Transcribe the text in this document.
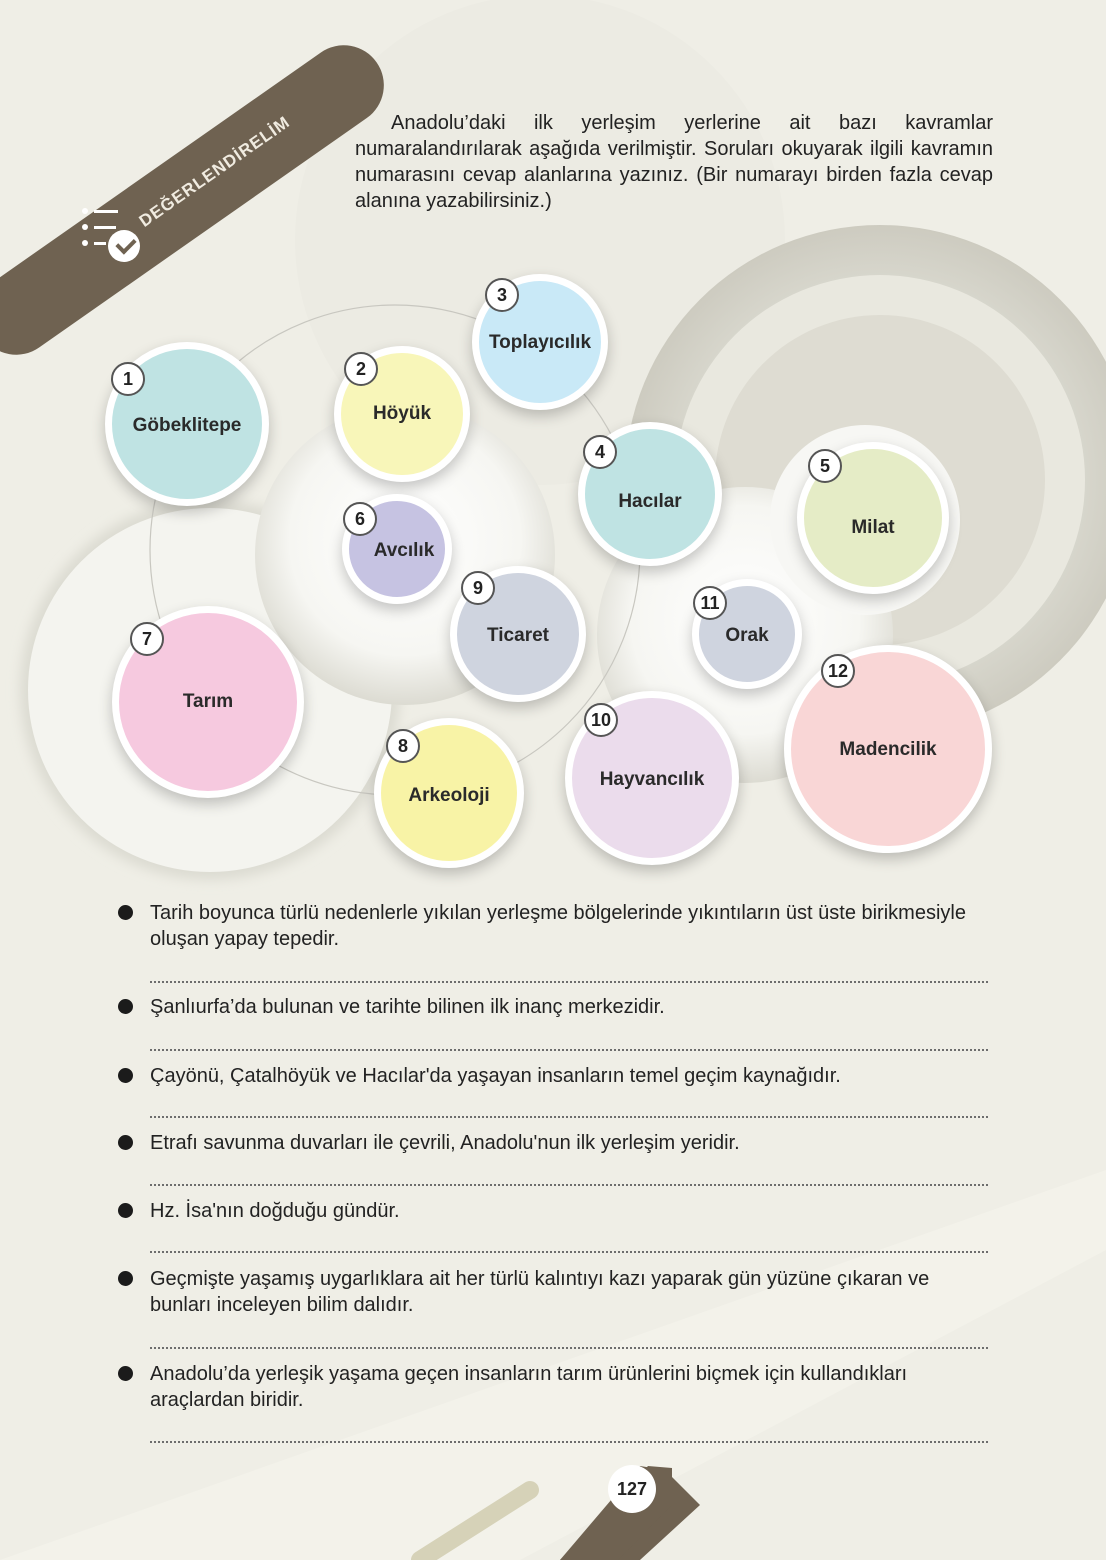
DEĞERLENDİRELİM	Anadolu’daki ilk yerleşim yerlerine ait bazı kavramlar numaralandırılarak aşağıda verilmiştir. Soruları okuyarak ilgili kavramın numarasını cevap alanlarına yazınız. (Bir numarayı birden fazla cevap alanına yazabilirsiniz.)
Göbeklitepe
1
Höyük
2
Toplayıcılık
3
Hacılar
4
Milat
5
Avcılık
6
Tarım
7
Arkeoloji
8
Ticaret
9
Hayvancılık
10
Orak
11
Madencilik
12
Tarih boyunca türlü nedenlerle yıkılan yerleşme bölgelerinde yıkıntıların üst üste birikmesiyle oluşan yapay tepedir.
Şanlıurfa’da bulunan ve tarihte bilinen ilk inanç merkezidir.
Çayönü, Çatalhöyük ve Hacılar'da yaşayan insanların temel geçim kaynağıdır.
Etrafı savunma duvarları ile çevrili, Anadolu'nun ilk yerleşim yeridir.
Hz. İsa'nın doğduğu gündür.
Geçmişte yaşamış uygarlıklara ait her türlü kalıntıyı kazı yaparak gün yüzüne çıkaran ve bunları inceleyen bilim dalıdır.
Anadolu’da yerleşik yaşama geçen insanların tarım ürünlerini biçmek için kullandıkları araçlardan biridir.
127
